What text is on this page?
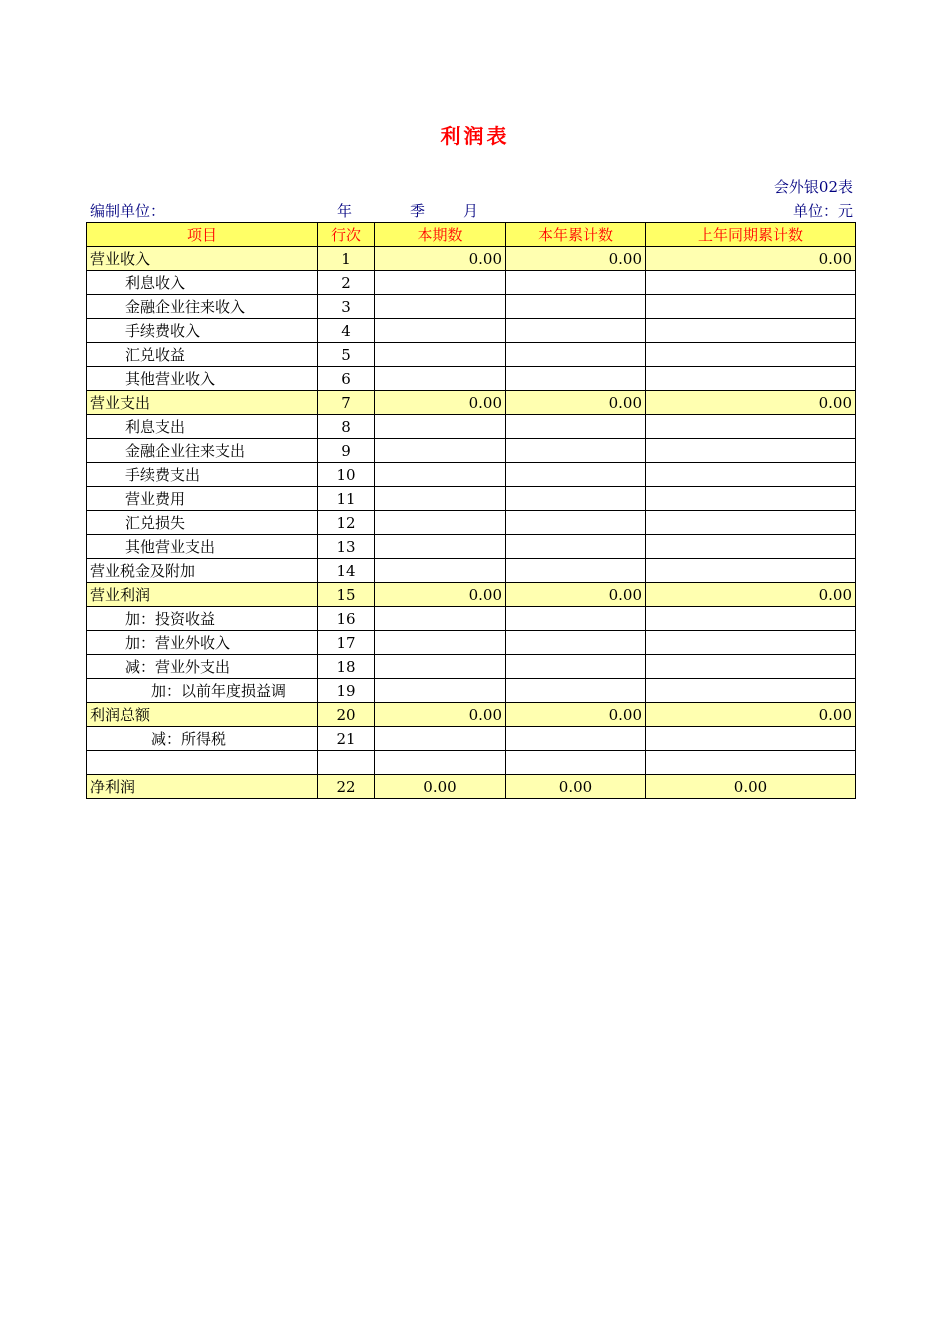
利润表
会外银02表
编制单位：	年	季	月	单位：元
项目	行次	本期数	本年累计数	上年同期累计数
营业收入	1	0.00	0.00	0.00
利息收入	2			
金融企业往来收入	3			
手续费收入	4			
汇兑收益	5			
其他营业收入	6			
营业支出	7	0.00	0.00	0.00
利息支出	8			
金融企业往来支出	9			
手续费支出	10			
营业费用	11			
汇兑损失	12			
其他营业支出	13			
营业税金及附加	14			
营业利润	15	0.00	0.00	0.00
加：投资收益	16			
加：营业外收入	17			
减：营业外支出	18			
加：以前年度损益调	19			
利润总额	20	0.00	0.00	0.00
减：所得税	21			

净利润	22	0.00	0.00	0.00
